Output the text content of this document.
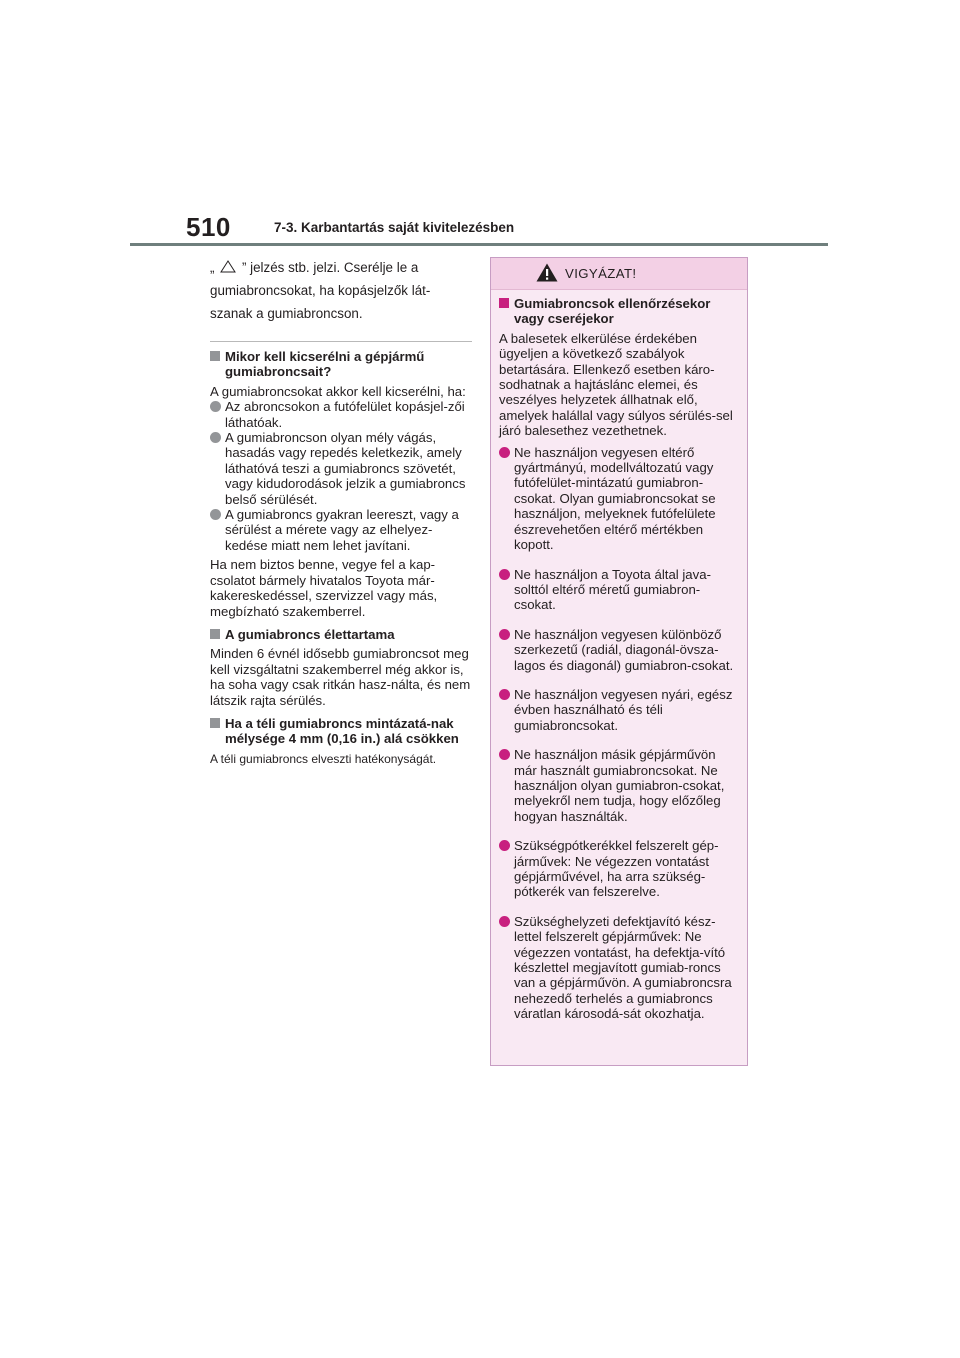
510	7-3. Karbantartás saját kivitelezésben

„ ” jelzés stb. jelzi. Cserélje le a

gumiabroncsokat, ha kopásjelzők lát-

szanak a gumiabroncson.

Mikor kell kicserélni a gépjármű gumiabroncsait?

A gumiabroncsokat akkor kell kicserélni, ha:

Az abroncsokon a futófelület kopásjel-zői láthatóak.

A gumiabroncson olyan mély vágás, hasadás vagy repedés keletkezik, amely láthatóvá teszi a gumiabroncs szövetét, vagy kidudorodások jelzik a gumiabroncs belső sérülését.

A gumiabroncs gyakran leereszt, vagy a sérülést a mérete vagy az elhelyez-kedése miatt nem lehet javítani.

Ha nem biztos benne, vegye fel a kap-csolatot bármely hivatalos Toyota már-kakereskedéssel, szervizzel vagy más, megbízható szakemberrel.

A gumiabroncs élettartama

Minden 6 évnél idősebb gumiabroncsot meg kell vizsgáltatni szakemberrel még akkor is, ha soha vagy csak ritkán hasz-nálta, és nem látszik rajta sérülés.

Ha a téli gumiabroncs mintázatá-nak mélysége 4 mm (0,16 in.) alá csökken

A téli gumiabroncs elveszti hatékonyságát.

VIGYÁZAT!

Gumiabroncsok ellenőrzésekor vagy cseréjekor

A balesetek elkerülése érdekében ügyeljen a következő szabályok betartására. Ellenkező esetben káro-sodhatnak a hajtáslánc elemei, és veszélyes helyzetek állhatnak elő, amelyek halállal vagy súlyos sérülés-sel járó balesethez vezethetnek.

Ne használjon vegyesen eltérő gyártmányú, modellváltozatú vagy futófelület-mintázatú gumiabron-csokat. Olyan gumiabroncsokat se használjon, melyeknek futófelülete észrevehetően eltérő mértékben kopott.

Ne használjon a Toyota által java-solttól eltérő méretű gumiabron-csokat.

Ne használjon vegyesen különböző szerkezetű (radiál, diagonál-övsza-lagos és diagonál) gumiabron-csokat.

Ne használjon vegyesen nyári, egész évben használható és téli gumiabroncsokat.

Ne használjon másik gépjárművön már használt gumiabroncsokat. Ne használjon olyan gumiabron-csokat, melyekről nem tudja, hogy előzőleg hogyan használták.

Szükségpótkerékkel felszerelt gép-járművek: Ne végezzen vontatást gépjárművével, ha arra szükség-pótkerék van felszerelve.

Szükséghelyzeti defektjavító kész-lettel felszerelt gépjárművek: Ne végezzen vontatást, ha defektja-vító készlettel megjavított gumiab-roncs van a gépjárművön. A gumiabroncsra nehezedő terhelés a gumiabroncs váratlan károsodá-sát okozhatja.
